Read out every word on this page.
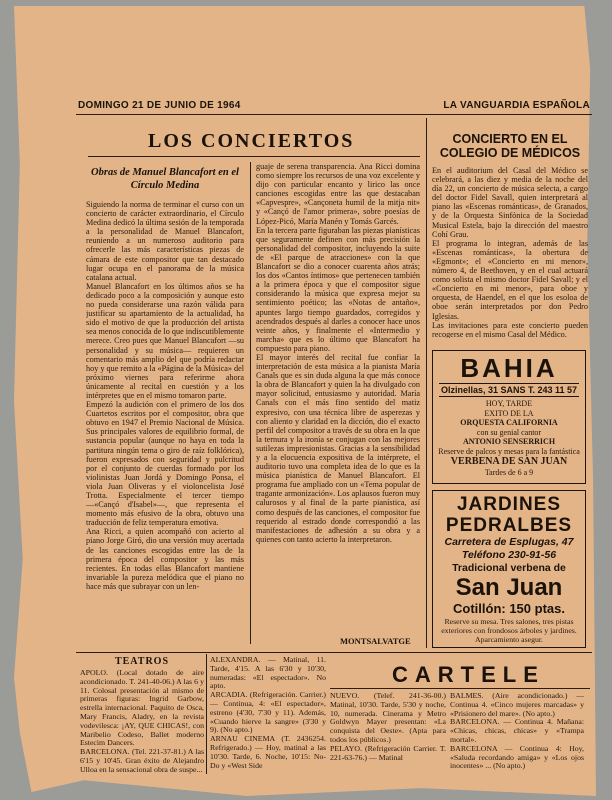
DOMINGO 21 DE JUNIO DE 1964	LA VANGUARDIA ESPAÑOLA
LOS CONCIERTOS
Obras de Manuel Blancafort en el Círculo Medina

Siguiendo la norma de terminar el curso con un concierto de carácter extraordinario, el Círculo Medina dedicó la última sesión de la temporada a la personalidad de Manuel Blancafort, reuniendo a un numeroso auditorio para ofrecerle las más características piezas de cámara de este compositor que tan destacado lugar ocupa en el panorama de la música catalana actual.
Manuel Blancafort en los últimos años se ha dedicado poco a la composición y aunque esto no pueda considerarse una razón válida para justificar su apartamiento de la actualidad, ha sido el motivo de que la producción del artista sea menos conocida de lo que indiscutiblemente merece. Creo pues que Manuel Blancafort —su personalidad y su música— requieren un comentario más amplio del que podría redactar hoy y que remito a la «Página de la Música» del próximo viernes para referirme ahora únicamente al recital en cuestión y a los intérpretes que en el mismo tomaron parte.
Empezó la audición con el primero de los dos Cuartetos escritos por el compositor, obra que obtuvo en 1947 el Premio Nacional de Música. Sus principales valores de equilibrio formal, de sustancia popular (aunque no haya en toda la partitura ningún tema o giro de raíz folklórica), fueron expresados con seguridad y pulcritud por el conjunto de cuerdas formado por los violinistas Juan Jordá y Domingo Ponsa, el viola Juan Oliveras y el violoncelista José Trotta. Especialmente el tercer tiempo —«Cançó d'Isabel»—, que representa el momento más efusivo de la obra, obtuvo una traducción de feliz temperatura emotiva.
Ana Ricci, a quien acompañó con acierto al piano Jorge Giró, dio una versión muy acertada de las canciones escogidas entre las de la primera época del compositor y las más recientes. En todas ellas Blancafort mantiene invariable la pureza melódica que el piano no hace más que subrayar con un len-

guaje de serena transparencia. Ana Ricci domina como siempre los recursos de una voz excelente y dijo con particular encanto y lirico las once canciones escogidas entre las que destacaban «Capvespre», «Cançoneta humil de la mitja nit» y «Cançó de l'amor primera», sobre poesías de López-Picó, María Manén y Tomás Garcés.
En la tercera parte figuraban las piezas pianísticas que seguramente definen con más precisión la personalidad del compositor, incluyendo la suite de «El parque de atracciones» con la que Blancafort se dio a conocer cuarenta años atrás; los dos «Cantos íntimos» que pertenecen también a la primera época y que el compositor sigue considerando la música que expresa mejor su sentimiento poético; las «Notas de antaño», apuntes largo tiempo guardados, corregidos y acendrados después al darles a conocer hace unos veinte años, y finalmente el «Intermedio y marcha» que es lo último que Blancafort ha compuesto para piano.
El mayor interés del recital fue confiar la interpretación de esta música a la pianista María Canals que es sin duda alguna la que más conoce la obra de Blancafort y quien la ha divulgado con mayor solicitud, entusiasmo y autoridad. María Canals con el más fino sentido del matiz expresivo, con una técnica libre de asperezas y con aliento y claridad en la dicción, dio el exacto perfil del compositor a través de su obra en la que la ternura y la ironía se conjugan con las mejores sutilezas impresionistas. Gracias a la sensibilidad y a la elocuencia expositiva de la intérprete, el auditorio tuvo una completa idea de lo que es la música pianística de Manuel Blancafort. El programa fue ampliado con un «Tema popular de tragante armonización». Los aplausos fueron muy calurosos y al final de la parte pianística, así como después de las canciones, el compositor fue requerido al estrado donde correspondió a las manifestaciones de adhesión a su obra y a quienes con tanto acierto la interpretaron.

MONTSALVATGE
CONCIERTO EN EL COLEGIO DE MÉDICOS

En el auditorium del Casal del Médico se celebrará, a las diez y media de la noche del día 22, un concierto de música selecta, a cargo del doctor Fidel Savall, quien interpretará al piano las «Escenas románticas», de Granados, y de la Orquesta Sinfónica de la Sociedad Musical Estela, bajo la dirección del maestro Cohí Grau.
El programa lo integran, además de las «Escenas románticas», la obertura de «Egmont»; el «Concierto en mi menor», número 4, de Beethoven, y en el cual actuará como solista el mismo doctor Fidel Savall; y el «Concierto en mi menor», para oboe y orquesta, de Haendel, en el que los esoloa de oboe serán interpretados por don Pedro Iglesias.
Las invitaciones para este concierto pueden recogerse en el mismo Casal del Médico.

BAHIA
Olzinellas, 31 SANS T. 243 11 57
HOY, TARDE
EXITO DE LA
ORQUESTA CALIFORNIA
con su genial cantor
ANTONIO SENSERRICH
Reserve de palcos y mesas para la fantástica
VERBENA DE SAN JUAN
Tardes de 6 a 9
JARDINES
PEDRALBES
Carretera de Esplugas, 47
Teléfono 230-91-56
Tradicional verbena de
San Juan
Cotillón: 150 ptas.

Reserve su mesa. Tres salones, tres pistas exteriores con frondosos árboles y jardines. Aparcamiento asegur.

TEATROS

APOLO. (Local dotado de aire acondicionado. T. 241-40-06.) A las 6 y 11. Colosal presentación al mismo de primeras figuras: Ingrid Garbow, estrella internacional. Paquito de Osca, Mary Francis, Aladry, en la revista vodevilesca: ¡AY, QUE CHICAS!, con Maribelio Codeso, Ballet moderno Estecim Dancers.
BARCELONA. (Tel. 221-37-81.) A las 6'15 y 10'45. Gran éxito de Alejandro Ulloa en la sensacional obra de suspe...

ALEXANDRA. — Matinal, 11. Tarde, 4'15. A las 6'30 y 10'30, numeradas: «El espectador». No apto.
ARCADIA. (Refrigeración. Carrier.) — Continua, 4: «El espectador», estreno (4'30, 7'30 y 11). Además, «Cuando hierve la sangre» (3'30 y 9). (No apto.)
ARNAU CINEMA (T. 2436254. Refrigerado.) — Hoy, matinal a las 10'30. Tarde, 6. Noche, 10'15: No-Do y «West Side

CARTELE

NUEVO. (Telef. 241-36-00.) Matinal, 10'30. Tarde, 5'30 y noche, 10, numerada. Cinerama y Metro Goldwyn Mayer presentan: «La conquista del Oeste». (Apta para todos los públicos.)
PELAYO. (Refrigeración Carrier. T. 221-63-76.) — Matinal

BALMES. (Aire acondicionado.) — Continua 4. «Cinco mujeres marcadas» y «Prisionero del mare». (No apto.)
BARCELONA. — Continua 4. Mañana: «Chicas, chicas, chicas» y «Trampa mortal».
BARCELONA — Continua 4: Hoy, «Saluda recordando amiga» y «Los ojos inocentes» ... (No apto.)
